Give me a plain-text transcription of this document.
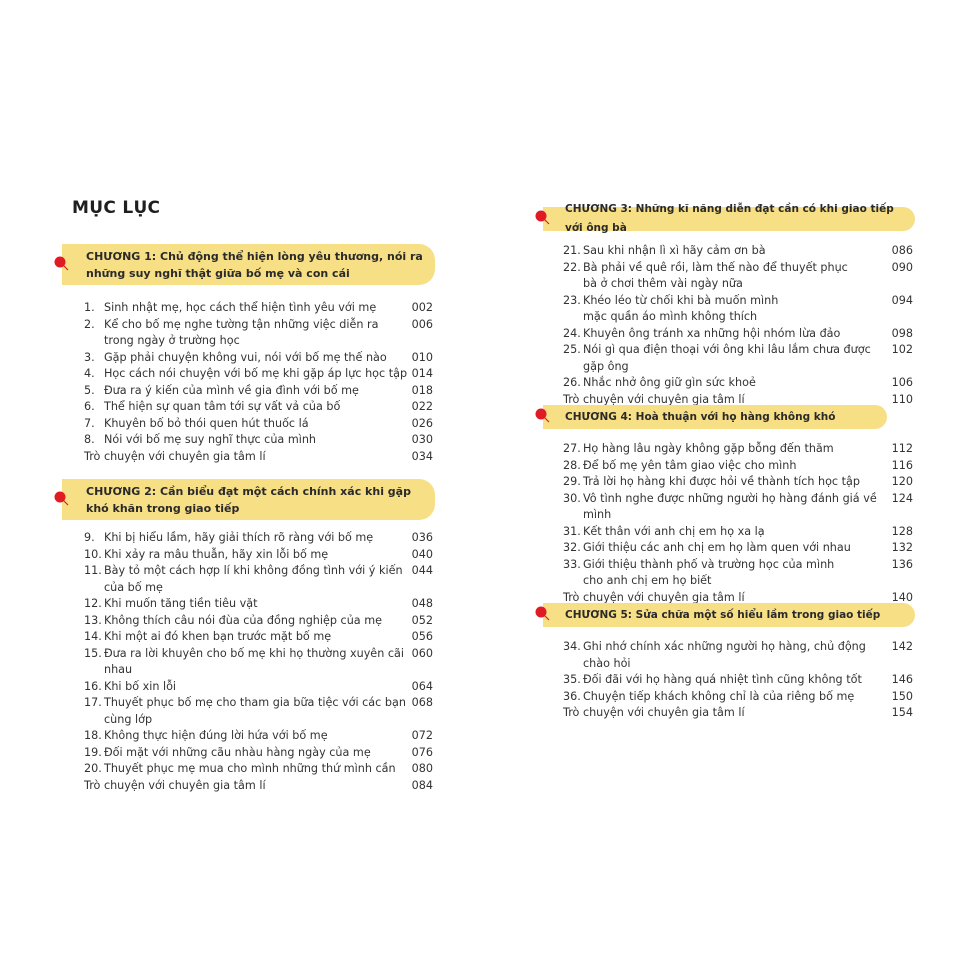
MỤC LỤC
CHƯƠNG 1: Chủ động thể hiện lòng yêu thương, nói ra những suy nghĩ thật giữa bố mẹ và con cái
1. Sinh nhật mẹ, học cách thể hiện tình yêu với mẹ	002
2. Kể cho bố mẹ nghe tường tận những việc diễn ra
trong ngày ở trường học
006
3. Gặp phải chuyện không vui, nói với bố mẹ thế nào	010
4. Học cách nói chuyện với bố mẹ khi gặp áp lực học tập 014
5. Đưa ra ý kiến của mình về gia đình với bố mẹ	018
6. Thể hiện sự quan tâm tới sự vất vả của bố	022
7. Khuyên bố bỏ thói quen hút thuốc lá	026
8. Nói với bố mẹ suy nghĩ thực của mình	030
Trò chuyện với chuyên gia tâm lí	034
CHƯƠNG 2: Cần biểu đạt một cách chính xác khi gặp khó khăn trong giao tiếp
9. Khi bị hiểu lầm, hãy giải thích rõ ràng với bố mẹ	036
10. Khi xảy ra mâu thuẫn, hãy xin lỗi bố mẹ	040
11. Bày tỏ một cách hợp lí khi không đồng tình với ý kiến của bố mẹ
044
12. Khi muốn tăng tiền tiêu vặt	048
13. Không thích câu nói đùa của đồng nghiệp của mẹ	052
14. Khi một ai đó khen bạn trước mặt bố mẹ	056
15. Đưa ra lời khuyên cho bố mẹ khi họ thường xuyên cãi nhau
060
16. Khi bố xin lỗi	064
17. Thuyết phục bố mẹ cho tham gia bữa tiệc với các bạn cùng lớp
068
18. Không thực hiện đúng lời hứa với bố mẹ	072
19. Đối mặt với những cãu nhàu hàng ngày của mẹ	076
20. Thuyết phục mẹ mua cho mình những thứ mình cần	080
Trò chuyện với chuyên gia tâm lí	084
CHƯƠNG 3: Những kĩ năng diễn đạt cần có khi giao tiếp với ông bà
21. Sau khi nhận lì xì hãy cảm ơn bà	086
22. Bà phải về quê rồi, làm thế nào để thuyết phục
bà ở chơi thêm vài ngày nữa
090
23. Khéo léo từ chối khi bà muốn mình
mặc quần áo mình không thích
094
24. Khuyên ông tránh xa những hội nhóm lừa đảo	098
25. Nói gì qua điện thoại với ông khi lâu lắm chưa được gặp ông
102
26. Nhắc nhở ông giữ gìn sức khoẻ	106
Trò chuyện với chuyên gia tâm lí	110
CHƯƠNG 4: Hoà thuận với họ hàng không khó
27. Họ hàng lâu ngày không gặp bỗng đến thăm	112
28. Để bố mẹ yên tâm giao việc cho mình	116
29. Trả lời họ hàng khi được hỏi về thành tích học tập	120
30. Vô tình nghe được những người họ hàng đánh giá về mình
124
31. Kết thân với anh chị em họ xa lạ	128
32. Giới thiệu các anh chị em họ làm quen với nhau	132
33. Giới thiệu thành phố và trường học của mình
cho anh chị em họ biết
136
Trò chuyện với chuyên gia tâm lí	140
CHƯƠNG 5: Sửa chữa một số hiểu lầm trong giao tiếp
34. Ghi nhớ chính xác những người họ hàng, chủ động chào hỏi
142
35. Đối đãi với họ hàng quá nhiệt tình cũng không tốt	146
36. Chuyện tiếp khách không chỉ là của riêng bố mẹ	150
Trò chuyện với chuyên gia tâm lí	154
